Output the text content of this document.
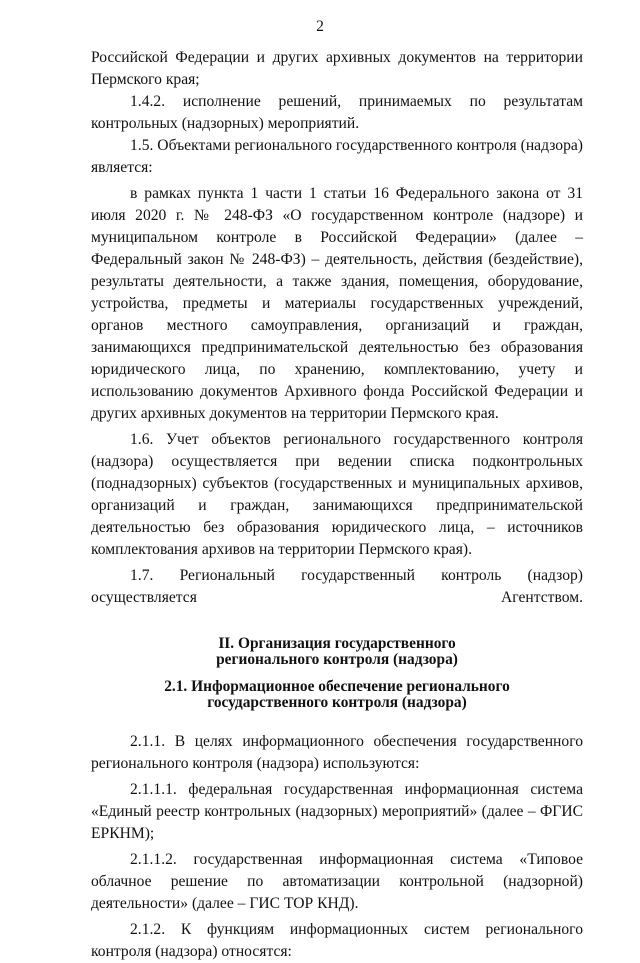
2

Российской Федерации и других архивных документов на территории Пермского края;

1.4.2. исполнение решений, принимаемых по результатам контрольных (надзорных) мероприятий.

1.5. Объектами регионального государственного контроля (надзора) является:

в рамках пункта 1 части 1 статьи 16 Федерального закона от 31 июля 2020 г. № 248-ФЗ «О государственном контроле (надзоре) и муниципальном контроле в Российской Федерации» (далее – Федеральный закон № 248-ФЗ) – деятельность, действия (бездействие), результаты деятельности, а также здания, помещения, оборудование, устройства, предметы и материалы государственных учреждений, органов местного самоуправления, организаций и граждан, занимающихся предпринимательской деятельностью без образования юридического лица, по хранению, комплектованию, учету и использованию документов Архивного фонда Российской Федерации и других архивных документов на территории Пермского края.

1.6. Учет объектов регионального государственного контроля (надзора) осуществляется при ведении списка подконтрольных (поднадзорных) субъектов (государственных и муниципальных архивов, организаций и граждан, занимающихся предпринимательской деятельностью без образования юридического лица, – источников комплектования архивов на территории Пермского края).

1.7. Региональный государственный контроль (надзор) осуществляется Агентством.

II. Организация государственного

регионального контроля (надзора)

2.1. Информационное обеспечение регионального

государственного контроля (надзора)

2.1.1. В целях информационного обеспечения государственного регионального контроля (надзора) используются:

2.1.1.1. федеральная государственная информационная система «Единый реестр контрольных (надзорных) мероприятий» (далее – ФГИС ЕРКНМ);

2.1.1.2. государственная информационная система «Типовое облачное решение по автоматизации контрольной (надзорной) деятельности» (далее – ГИС ТОР КНД).

2.1.2. К функциям информационных систем регионального контроля (надзора) относятся:
